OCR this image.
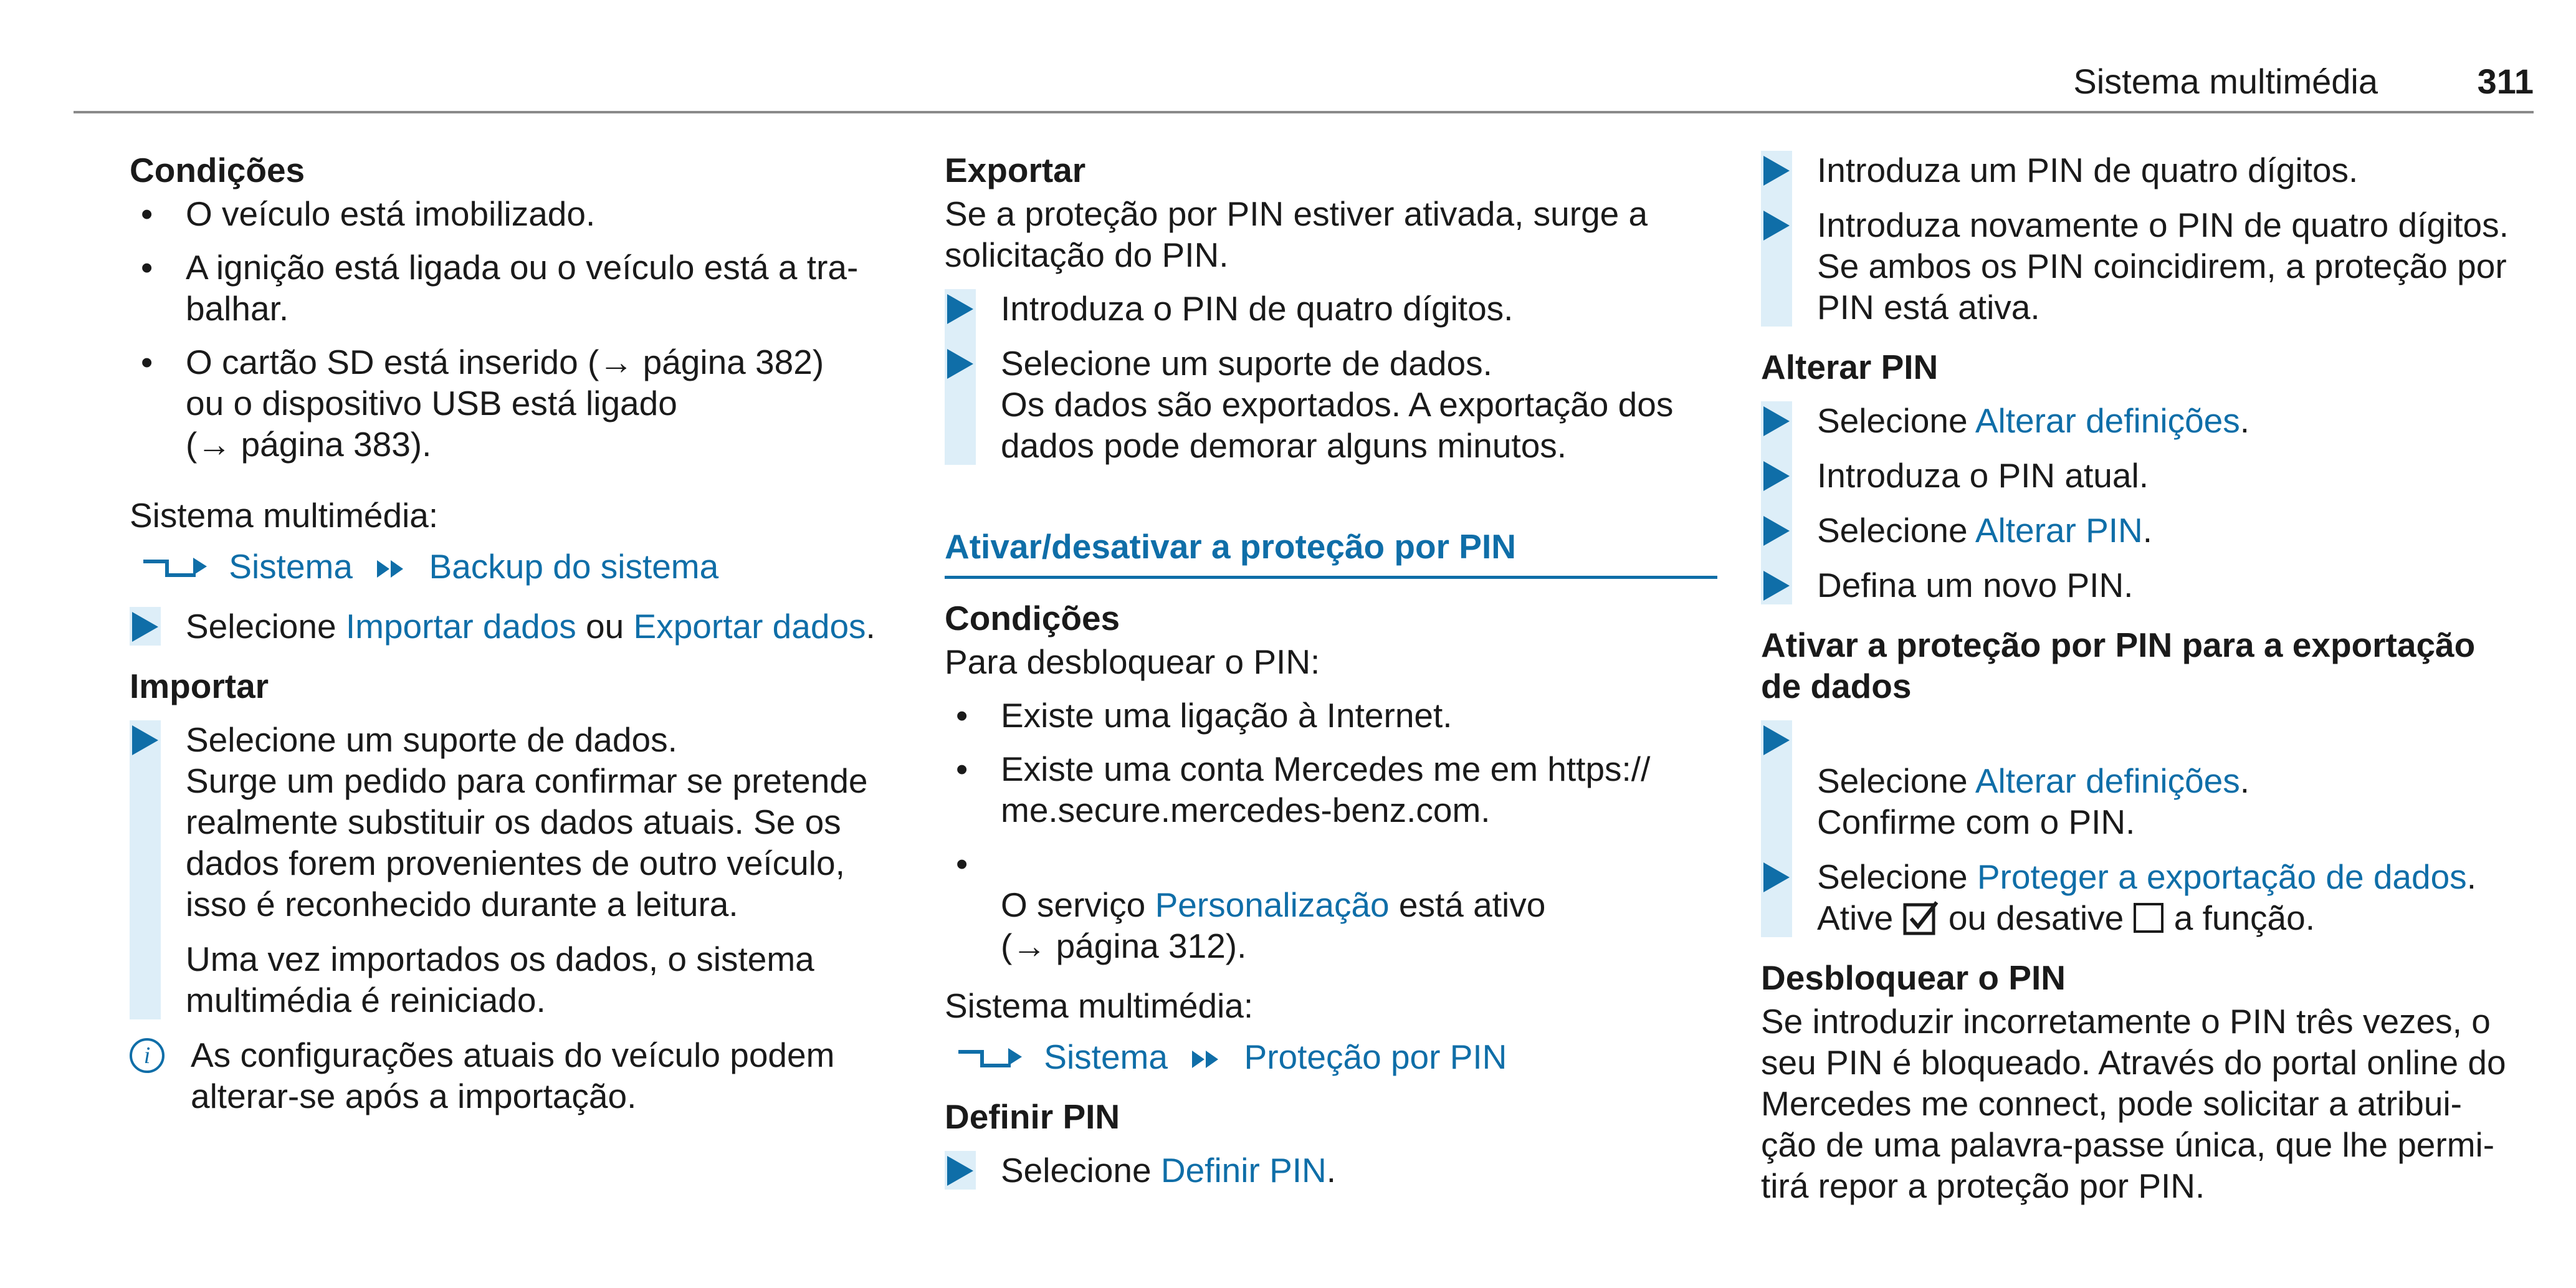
Sistema multimédia	311
Condições
• O veículo está imobilizado.
• A ignição está ligada ou o veículo está a tra-
balhar.
• O cartão SD está inserido (→ página 382)
ou o dispositivo USB está ligado
(→ página 383).
Sistema multimédia:
Sistema Backup do sistema
Selecione Importar dados ou Exportar dados.
Importar
Selecione um suporte de dados.
Surge um pedido para confirmar se pretende
realmente substituir os dados atuais. Se os
dados forem provenientes de outro veículo,
isso é reconhecido durante a leitura.
Uma vez importados os dados, o sistema multimédia é reiniciado.
i	As configurações atuais do veículo podem
alterar-se após a importação.
Exportar
Se a proteção por PIN estiver ativada, surge a
solicitação do PIN.
Introduza o PIN de quatro dígitos.
Selecione um suporte de dados.
Os dados são exportados. A exportação dos
dados pode demorar alguns minutos.
Ativar/desativar a proteção por PIN
Condições
Para desbloquear o PIN:
• Existe uma ligação à Internet.
• Existe uma conta Mercedes me em https://
me.secure.mercedes-benz.com.

•
O serviço Personalização está ativo
(→ página 312).

Sistema multimédia:
Sistema Proteção por PIN
Definir PIN
Selecione Definir PIN.
Introduza um PIN de quatro dígitos.
Introduza novamente o PIN de quatro dígitos.
Se ambos os PIN coincidirem, a proteção por
PIN está ativa.
Alterar PIN
Selecione Alterar definições.
Introduza o PIN atual.
Selecione Alterar PIN.
Defina um novo PIN.
Ativar a proteção por PIN para a exportação
de dados

Selecione Alterar definições.
Confirme com o PIN.

Selecione Proteger a exportação de dados.
Ative  ou desative  a função.
Desbloquear o PIN
Se introduzir incorretamente o PIN três vezes, o
seu PIN é bloqueado. Através do portal online do
Mercedes me connect, pode solicitar a atribui-
ção de uma palavra-passe única, que lhe permi-
tirá repor a proteção por PIN.
